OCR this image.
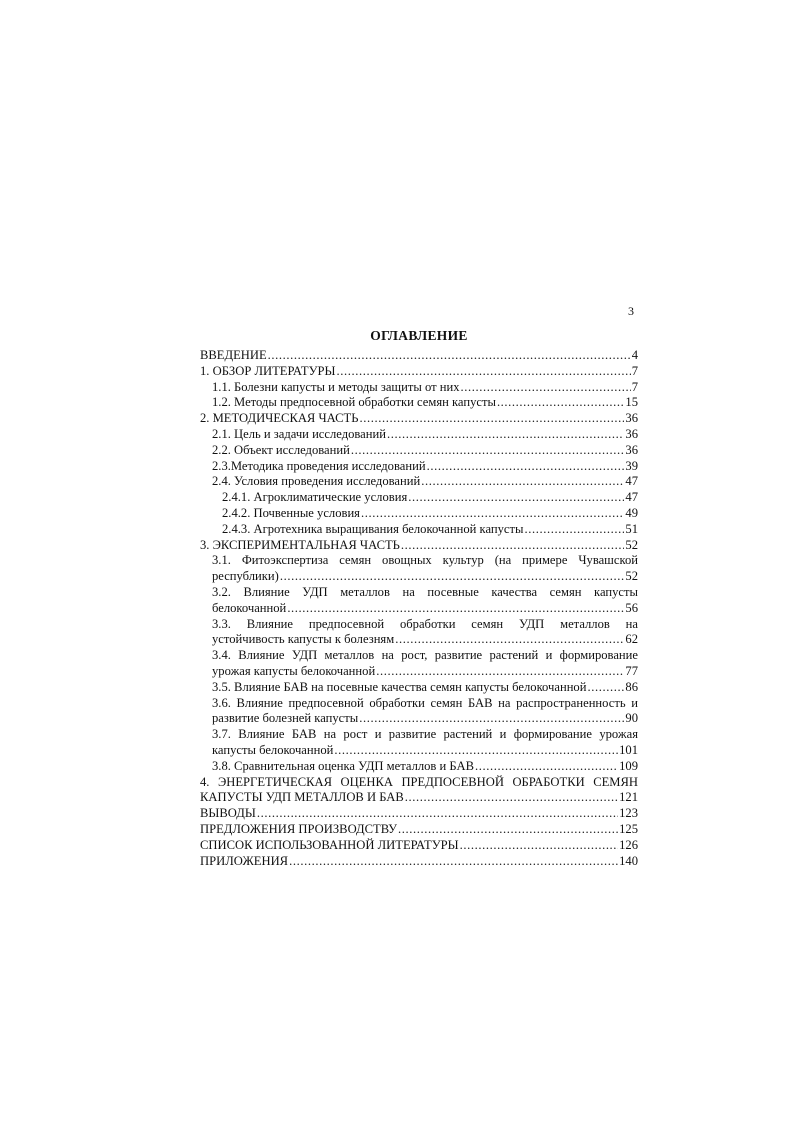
3
ОГЛАВЛЕНИЕ
ВВЕДЕНИЕ .....	4
1. ОБЗОР ЛИТЕРАТУРЫ .....	7
1.1. Болезни капусты и методы защиты от них .....	7
1.2. Методы предпосевной обработки семян капусты .....	15
2. МЕТОДИЧЕСКАЯ ЧАСТЬ .....	36
2.1. Цель и задачи исследований .....	36
2.2. Объект исследований .....	36
2.3.Методика проведения исследований .....	39
2.4. Условия проведения исследований .....	47
2.4.1. Агроклиматические условия .....	47
2.4.2. Почвенные условия .....	49
2.4.3. Агротехника выращивания белокочанной капусты .....	51
3. ЭКСПЕРИМЕНТАЛЬНАЯ ЧАСТЬ .....	52
3.1. Фитоэкспертиза семян овощных культур (на примере Чувашской
республики) .....	52
3.2. Влияние УДП металлов на посевные качества семян капусты
белокочанной .....	56
3.3. Влияние предпосевной обработки семян УДП металлов на
устойчивость капусты к болезням .....	62
3.4. Влияние УДП металлов на рост, развитие растений и формирование
урожая капусты белокочанной .....	77
3.5. Влияние БАВ на посевные качества семян капусты белокочанной .....	86
3.6. Влияние предпосевной обработки семян БАВ на распространенность и
развитие болезней капусты .....	90
3.7. Влияние БАВ на рост и развитие растений и формирование урожая
капусты белокочанной .....	101
3.8. Сравнительная оценка УДП металлов и БАВ .....	109
4. ЭНЕРГЕТИЧЕСКАЯ ОЦЕНКА ПРЕДПОСЕВНОЙ ОБРАБОТКИ СЕМЯН
КАПУСТЫ УДП МЕТАЛЛОВ И БАВ .....	121
ВЫВОДЫ .....	123
ПРЕДЛОЖЕНИЯ ПРОИЗВОДСТВУ .....	125
СПИСОК ИСПОЛЬЗОВАННОЙ ЛИТЕРАТУРЫ .....	126
ПРИЛОЖЕНИЯ .....	140
